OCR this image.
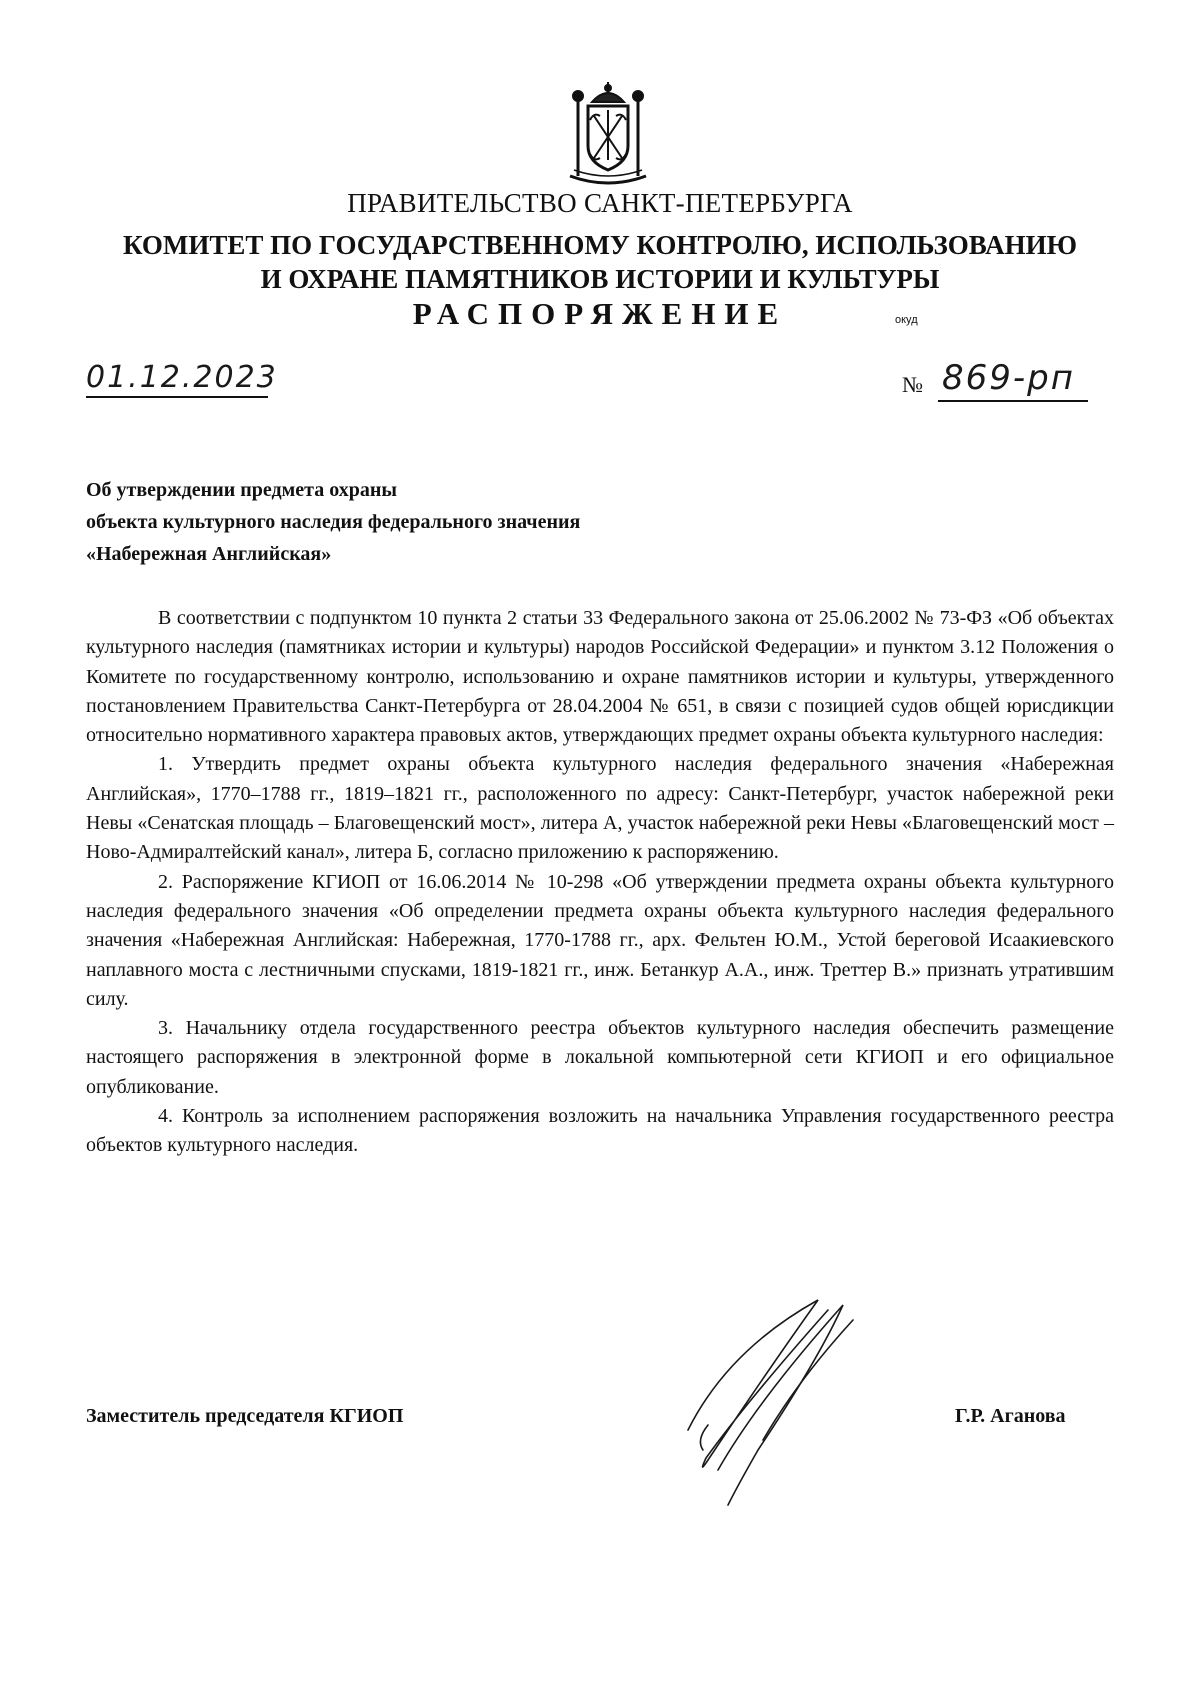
ПРАВИТЕЛЬСТВО САНКТ-ПЕТЕРБУРГА
КОМИТЕТ ПО ГОСУДАРСТВЕННОМУ КОНТРОЛЮ, ИСПОЛЬЗОВАНИЮ
И ОХРАНЕ ПАМЯТНИКОВ ИСТОРИИ И КУЛЬТУРЫ
РАСПОРЯЖЕНИЕ	окуд
01.12.2023	№ 869-рп
Об утверждении предмета охраны
объекта культурного наследия федерального значения
«Набережная Английская»

В соответствии с подпунктом 10 пункта 2 статьи 33 Федерального закона от 25.06.2002 № 73-ФЗ «Об объектах культурного наследия (памятниках истории и культуры) народов Российской Федерации» и пунктом 3.12 Положения о Комитете по государственному контролю, использованию и охране памятников истории и культуры, утвержденного постановлением Правительства Санкт-Петербурга от 28.04.2004 № 651, в связи с позицией судов общей юрисдикции относительно нормативного характера правовых актов, утверждающих предмет охраны объекта культурного наследия:

1. Утвердить предмет охраны объекта культурного наследия федерального значения «Набережная Английская», 1770–1788 гг., 1819–1821 гг., расположенного по адресу: Санкт-Петербург, участок набережной реки Невы «Сенатская площадь – Благовещенский мост», литера А, участок набережной реки Невы «Благовещенский мост – Ново-Адмиралтейский канал», литера Б, согласно приложению к распоряжению.

2. Распоряжение КГИОП от 16.06.2014 № 10-298 «Об утверждении предмета охраны объекта культурного наследия федерального значения «Об определении предмета охраны объекта культурного наследия федерального значения «Набережная Английская: Набережная, 1770-1788 гг., арх. Фельтен Ю.М., Устой береговой Исаакиевского наплавного моста с лестничными спусками, 1819-1821 гг., инж. Бетанкур А.А., инж. Треттер В.» признать утратившим силу.

3. Начальнику отдела государственного реестра объектов культурного наследия обеспечить размещение настоящего распоряжения в электронной форме в локальной компьютерной сети КГИОП и его официальное опубликование.

4. Контроль за исполнением распоряжения возложить на начальника Управления государственного реестра объектов культурного наследия.

Заместитель председателя КГИОП	Г.Р. Аганова
